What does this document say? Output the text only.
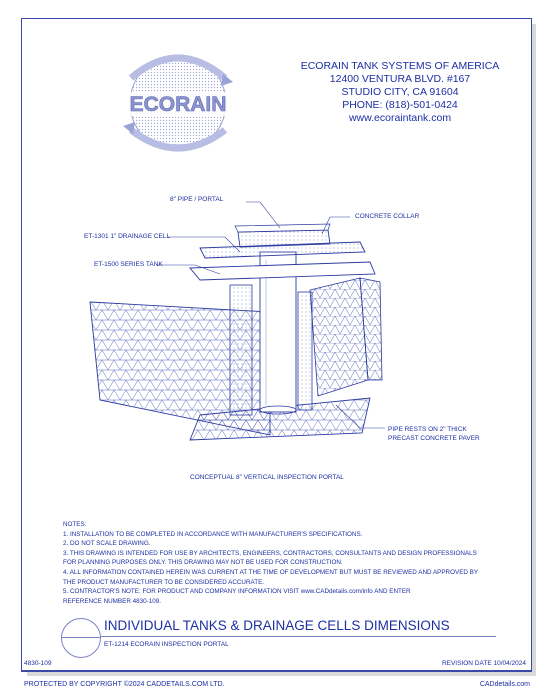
ECORAIN
ECORAIN TANK SYSTEMS OF AMERICA
12400 VENTURA BLVD. #167
STUDIO CITY, CA 91604
PHONE: (818)-501-0424
www.ecoraintank.com
8" PIPE / PORTAL
CONCRETE COLLAR
ET-1301 1" DRAINAGE CELL
ET-1500 SERIES TANK
PIPE RESTS ON 2" THICK
PRECAST CONCRETE PAVER
CONCEPTUAL 8" VERTICAL INSPECTION PORTAL
NOTES:
1. INSTALLATION TO BE COMPLETED IN ACCORDANCE WITH MANUFACTURER'S SPECIFICATIONS.
2. DO NOT SCALE DRAWING.
3. THIS DRAWING IS INTENDED FOR USE BY ARCHITECTS, ENGINEERS, CONTRACTORS, CONSULTANTS AND DESIGN PROFESSIONALS
FOR PLANNING PURPOSES ONLY. THIS DRAWING MAY NOT BE USED FOR CONSTRUCTION.
4. ALL INFORMATION CONTAINED HEREIN WAS CURRENT AT THE TIME OF DEVELOPMENT BUT MUST BE REVIEWED AND APPROVED BY
THE PRODUCT MANUFACTURER TO BE CONSIDERED ACCURATE.
5. CONTRACTOR'S NOTE: FOR PRODUCT AND COMPANY INFORMATION VISIT www.CADdetails.com/info AND ENTER
REFERENCE NUMBER 4830-109.
INDIVIDUAL TANKS & DRAINAGE CELLS DIMENSIONS
ET-1214 ECORAIN INSPECTION PORTAL
4830-109	REVISION DATE 10/04/2024
PROTECTED BY COPYRIGHT ©2024 CADDETAILS.COM LTD.	CADdetails.com
